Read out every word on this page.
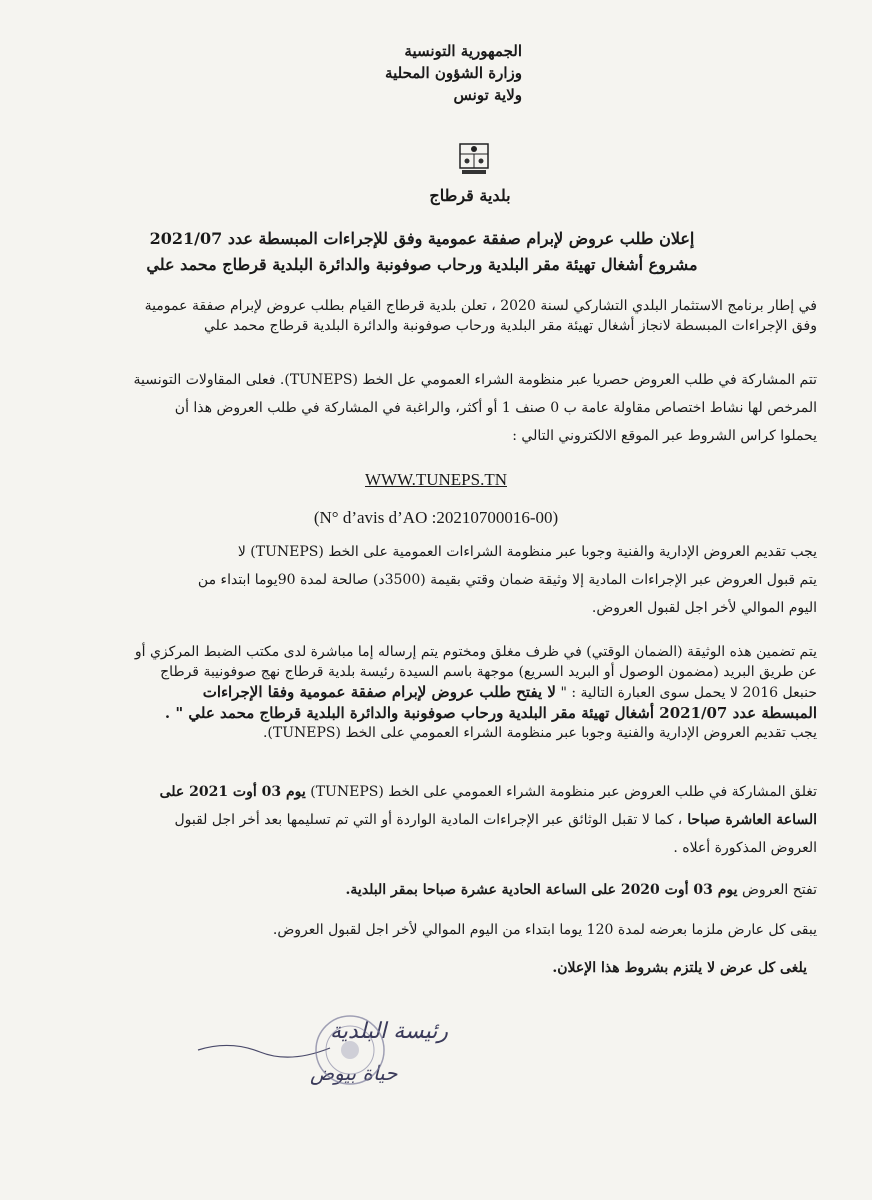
الجمهورية التونسية
وزارة الشؤون المحلية
ولاية تونس
بلدية قرطاج
إعلان طلب عروض لإبرام صفقة عمومية وفق للإجراءات المبسطة عدد 2021/07
مشروع أشغال تهيئة مقر البلدية ورحاب صوفونبة والدائرة البلدية قرطاج محمد علي

في إطار برنامج الاستثمار البلدي التشاركي لسنة 2020 ، تعلن بلدية قرطاج القيام بطلب عروض لإبرام صفقة عمومية

وفق الإجراءات المبسطة لانجاز أشغال تهيئة مقر البلدية ورحاب صوفونبة والدائرة البلدية قرطاج محمد علي

تتم المشاركة في طلب العروض حصريا عبر منظومة الشراء العمومي عل الخط (TUNEPS). فعلى المقاولات التونسية

المرخص لها نشاط اختصاص مقاولة عامة ب 0 صنف 1 أو أكثر، والراغبة في المشاركة في طلب العروض هذا أن

يحملوا كراس الشروط عبر الموقع الالكتروني التالي :

WWW.TUNEPS.TN
(N° d’avis d’AO :20210700016-00)

يجب تقديم العروض الإدارية والفنية وجوبا عبر منظومة الشراءات العمومية على الخط (TUNEPS) لا

يتم قبول العروض عبر الإجراءات المادية إلا وثيقة ضمان وقتي بقيمة (3500د) صالحة لمدة 90يوما ابتداء من

اليوم الموالي لأخر اجل لقبول العروض.

يتم تضمين هذه الوثيقة (الضمان الوقتي) في ظرف مغلق ومختوم يتم إرساله إما مباشرة لدى مكتب الضبط المركزي أو

عن طريق البريد (مضمون الوصول أو البريد السريع) موجهة باسم السيدة رئيسة بلدية قرطاج نهج صوفونيبة قرطاج

حنبعل 2016 لا يحمل سوى العبارة التالية : " لا يفتح طلب عروض لإبرام صفقة عمومية وفقا الإجراءات

المبسطة عدد 2021/07 أشغال تهيئة مقر البلدية ورحاب صوفونبة والدائرة البلدية قرطاج محمد علي " .

يجب تقديم العروض الإدارية والفنية وجوبا عبر منظومة الشراء العمومي على الخط (TUNEPS).

تغلق المشاركة في طلب العروض عبر منظومة الشراء العمومي على الخط (TUNEPS) يوم 03 أوت 2021 على

الساعة العاشرة صباحا ، كما لا تقبل الوثائق عبر الإجراءات المادية الواردة أو التي تم تسليمها بعد أخر اجل لقبول

العروض المذكورة أعلاه .

تفتح العروض يوم 03 أوت 2020 على الساعة الحادية عشرة صباحا بمقر البلدية.

يبقى كل عارض ملزما بعرضه لمدة 120 يوما ابتداء من اليوم الموالي لأخر اجل لقبول العروض.

يلغى كل عرض لا يلتزم بشروط هذا الإعلان.

رئيسة البلدية
حياة بيوض
